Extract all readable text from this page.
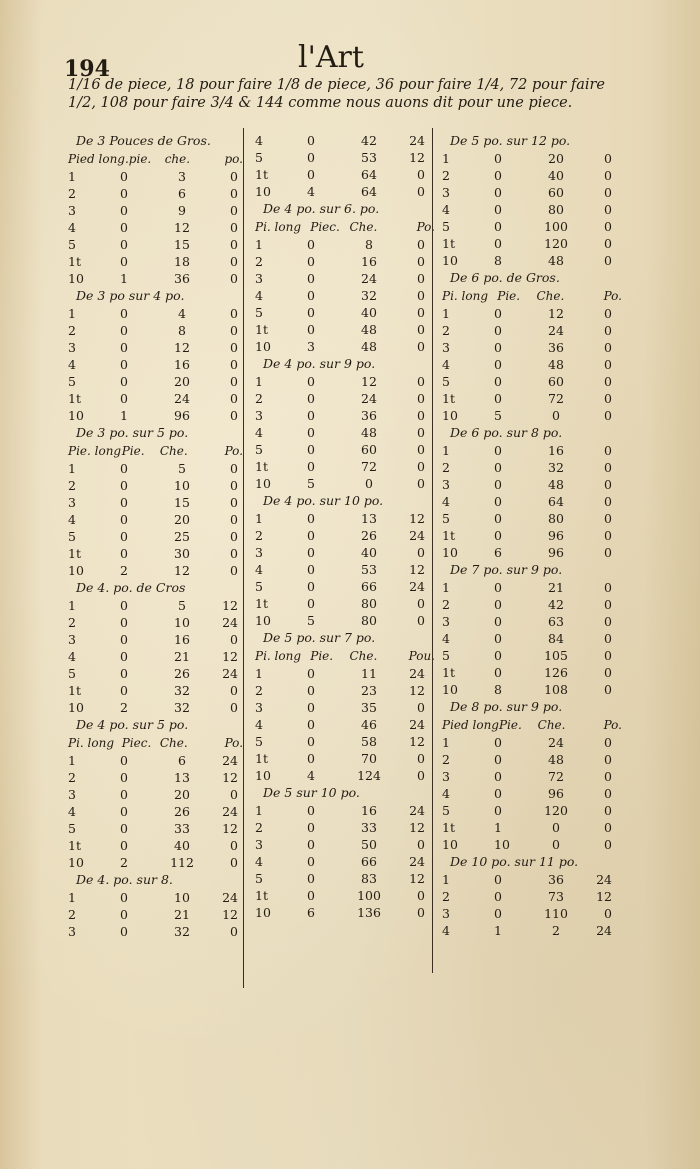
194	l'Art
1/16 de piece, 18 pour faire 1/8 de piece, 36 pour faire 1/4, 72 pour faire 1/2, 108 pour faire 3/4 & 144 comme nous auons dit pour une piece.
De 3 Pouces de Gros.
Pied long. pie.	che.	po.
1	0	3	0
2	0	6	0
3	0	9	0
4	0	12	0
5	0	15	0
1t	0	18	0
10	1	36	0
De 3 po sur 4 po.
1	0	4	0
2	0	8	0
3	0	12	0
4	0	16	0
5	0	20	0
1t	0	24	0
10	1	96	0
De 3 po. sur 5 po.
Pie. long Pie.	Che.	Po.
1	0	5	0
2	0	10	0
3	0	15	0
4	0	20	0
5	0	25	0
1t	0	30	0
10	2	12	0
De 4. po. de Cros
1	0	5	12
2	0	10	24
3	0	16	0
4	0	21	12
5	0	26	24
1t	0	32	0
10	2	32	0
De 4 po. sur 5 po.
Pi. long Piec. Che.	Po.
1	0	6	24
2	0	13	12
3	0	20	0
4	0	26	24
5	0	33	12
1t	0	40	0
10	2	112	0
De 4. po. sur 8.
1	0	10	24
2	0	21	12
3	0	32	0
4	0	42	24
5	0	53	12
1t	0	64	0
10	4	64	0
De 4 po. sur 6. po.
Pi. long Piec. Che.	Po.
1	0	8	0
2	0	16	0
3	0	24	0
4	0	32	0
5	0	40	0
1t	0	48	0
10	3	48	0
De 4 po. sur 9 po.
1	0	12	0
2	0	24	0
3	0	36	0
4	0	48	0
5	0	60	0
1t	0	72	0
10	5	0	0
De 4 po. sur 10 po.
1	0	13	12
2	0	26	24
3	0	40	0
4	0	53	12
5	0	66	24
1t	0	80	0
10	5	80	0
De 5 po. sur 7 po.
Pi. long Pie.	Che.	Pou.
1	0	11	24
2	0	23	12
3	0	35	0
4	0	46	24
5	0	58	12
1t	0	70	0
10	4	124	0
De 5 sur 10 po.
1	0	16	24
2	0	33	12
3	0	50	0
4	0	66	24
5	0	83	12
1t	0	100	0
10	6	136	0
De 5 po. sur 12 po.
1	0	20	0
2	0	40	0
3	0	60	0
4	0	80	0
5	0	100	0
1t	0	120	0
10	8	48	0
De 6 po. de Gros.
Pi. long Pie.	Che.	Po.
1	0	12	0
2	0	24	0
3	0	36	0
4	0	48	0
5	0	60	0
1t	0	72	0
10	5	0	0
De 6 po. sur 8 po.
1	0	16	0
2	0	32	0
3	0	48	0
4	0	64	0
5	0	80	0
1t	0	96	0
10	6	96	0
De 7 po. sur 9 po.
1	0	21	0
2	0	42	0
3	0	63	0
4	0	84	0
5	0	105	0
1t	0	126	0
10	8	108	0
De 8 po. sur 9 po.
Pied long Pie.	Che.	Po.
1	0	24	0
2	0	48	0
3	0	72	0
4	0	96	0
5	0	120	0
1t	1	0	0
10	10	0	0
De 10 po. sur 11 po.
1	0	36	24
2	0	73	12
3	0	110	0
4	1	2	24
